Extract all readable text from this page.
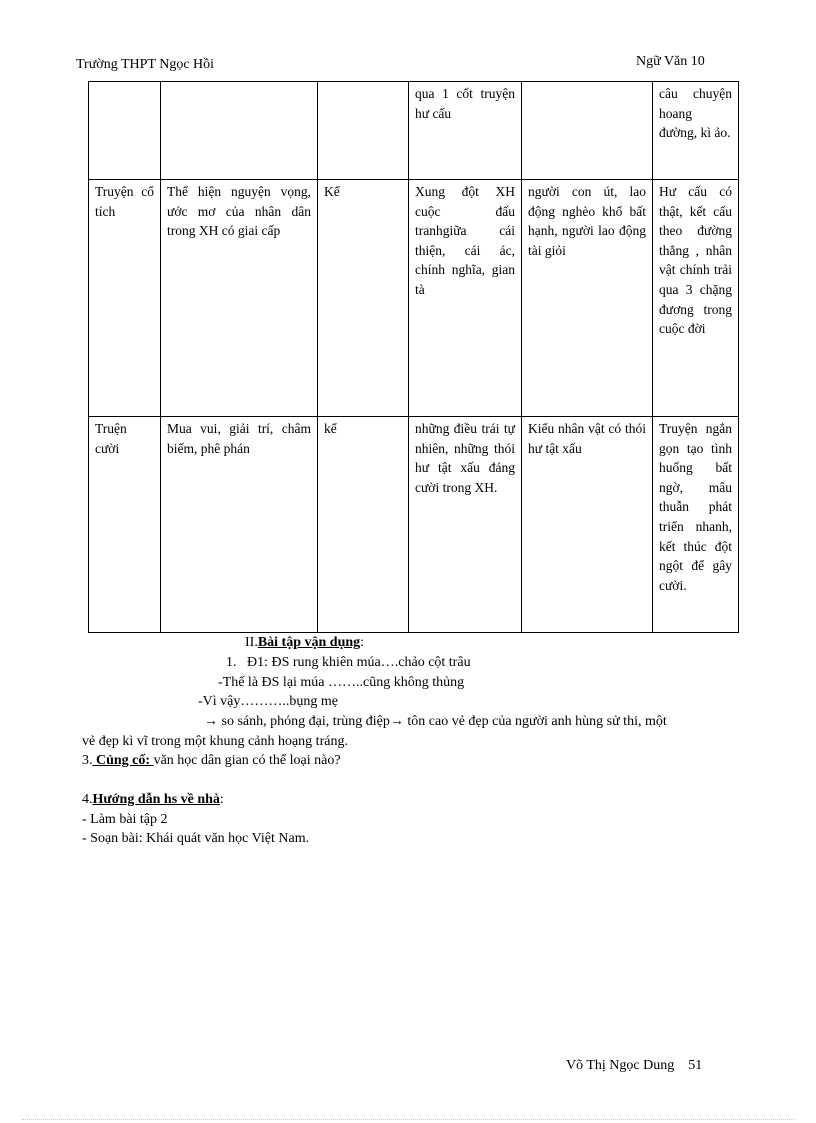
Trường THPT Ngọc Hồi	Ngữ Văn 10
			qua 1 cốt truyện hư cấu		câu chuyện hoang đường, kì ảo.
Truyện cổ tích	Thể hiện nguyện vọng, ước mơ của nhân dân trong XH có giai cấp	Kể	Xung đột XH cuộc đấu tranhgiữa cái thiện, cái ác, chính nghĩa, gian tà	người con út, lao động nghèo khổ bất hạnh, người lao động tài giỏi	Hư cấu có thật, kết cấu theo đường thẳng , nhân vật chính trải qua 3 chặng đương trong cuộc đời
Truện cười	Mua vui, giải trí, châm biếm, phê phán	kể	những điều trái tự nhiên, những thói hư tật xấu đáng cười trong XH.	Kiểu nhân vật có thói hư tật xấu	Truyện ngắn gọn tạo tình huống bất ngờ, mâu thuẫn phát triển nhanh, kết thúc đột ngột để gây cười.
II.Bài tập vận dụng:
1. Đ1: ĐS rung khiên múa….chảo cột trâu
-Thế là ĐS lại múa ……..cũng không thủng
-Vì vậy………..bụng mẹ
→ so sánh, phóng đại, trùng điệp→ tôn cao vẻ đẹp của người anh hùng sử thi, một
vẻ đẹp kì vĩ trong một khung cảnh hoạng tráng.
3. Củng cố: văn học dân gian có thể loại nào?
4.Hướng dẫn hs về nhà:
- Làm bài tập 2
- Soạn bài: Khái quát văn học Việt Nam.
Võ Thị Ngọc Dung 51
